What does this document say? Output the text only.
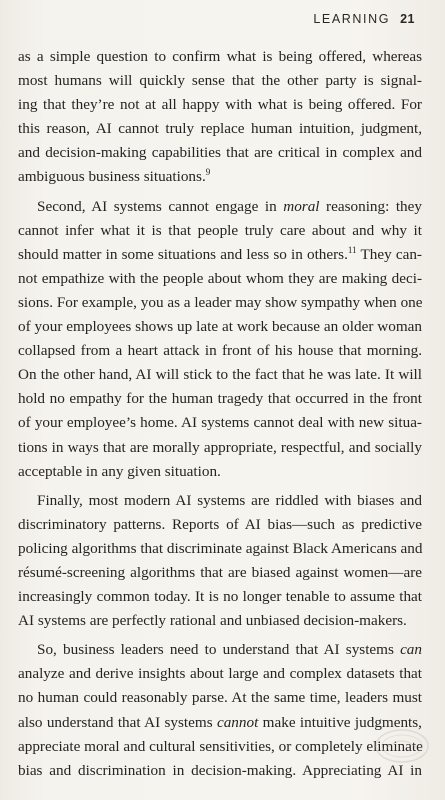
LEARNING 21
as a simple question to confirm what is being offered, whereas
most humans will quickly sense that the other party is signal-
ing that they’re not at all happy with what is being offered. For
this reason, AI cannot truly replace human intuition, judgment,
and decision-making capabilities that are critical in complex and
ambiguous business situations.$^9$
Second, AI systems cannot engage in moral reasoning: they
cannot infer what it is that people truly care about and why it
should matter in some situations and less so in others.$^{11}$ They can-
not empathize with the people about whom they are making deci-
sions. For example, you as a leader may show sympathy when one
of your employees shows up late at work because an older woman
collapsed from a heart attack in front of his house that morning.
On the other hand, AI will stick to the fact that he was late. It will
hold no empathy for the human tragedy that occurred in the front
of your employee’s home. AI systems cannot deal with new situa-
tions in ways that are morally appropriate, respectful, and socially
acceptable in any given situation.
Finally, most modern AI systems are riddled with biases and
discriminatory patterns. Reports of AI bias—such as predictive
policing algorithms that discriminate against Black Americans and
résumé-screening algorithms that are biased against women—are
increasingly common today. It is no longer tenable to assume that
AI systems are perfectly rational and unbiased decision-makers.
So, business leaders need to understand that AI systems can
analyze and derive insights about large and complex datasets that
no human could reasonably parse. At the same time, leaders must
also understand that AI systems cannot make intuitive judgments,
appreciate moral and cultural sensitivities, or completely eliminate
bias and discrimination in decision-making. Appreciating AI in
